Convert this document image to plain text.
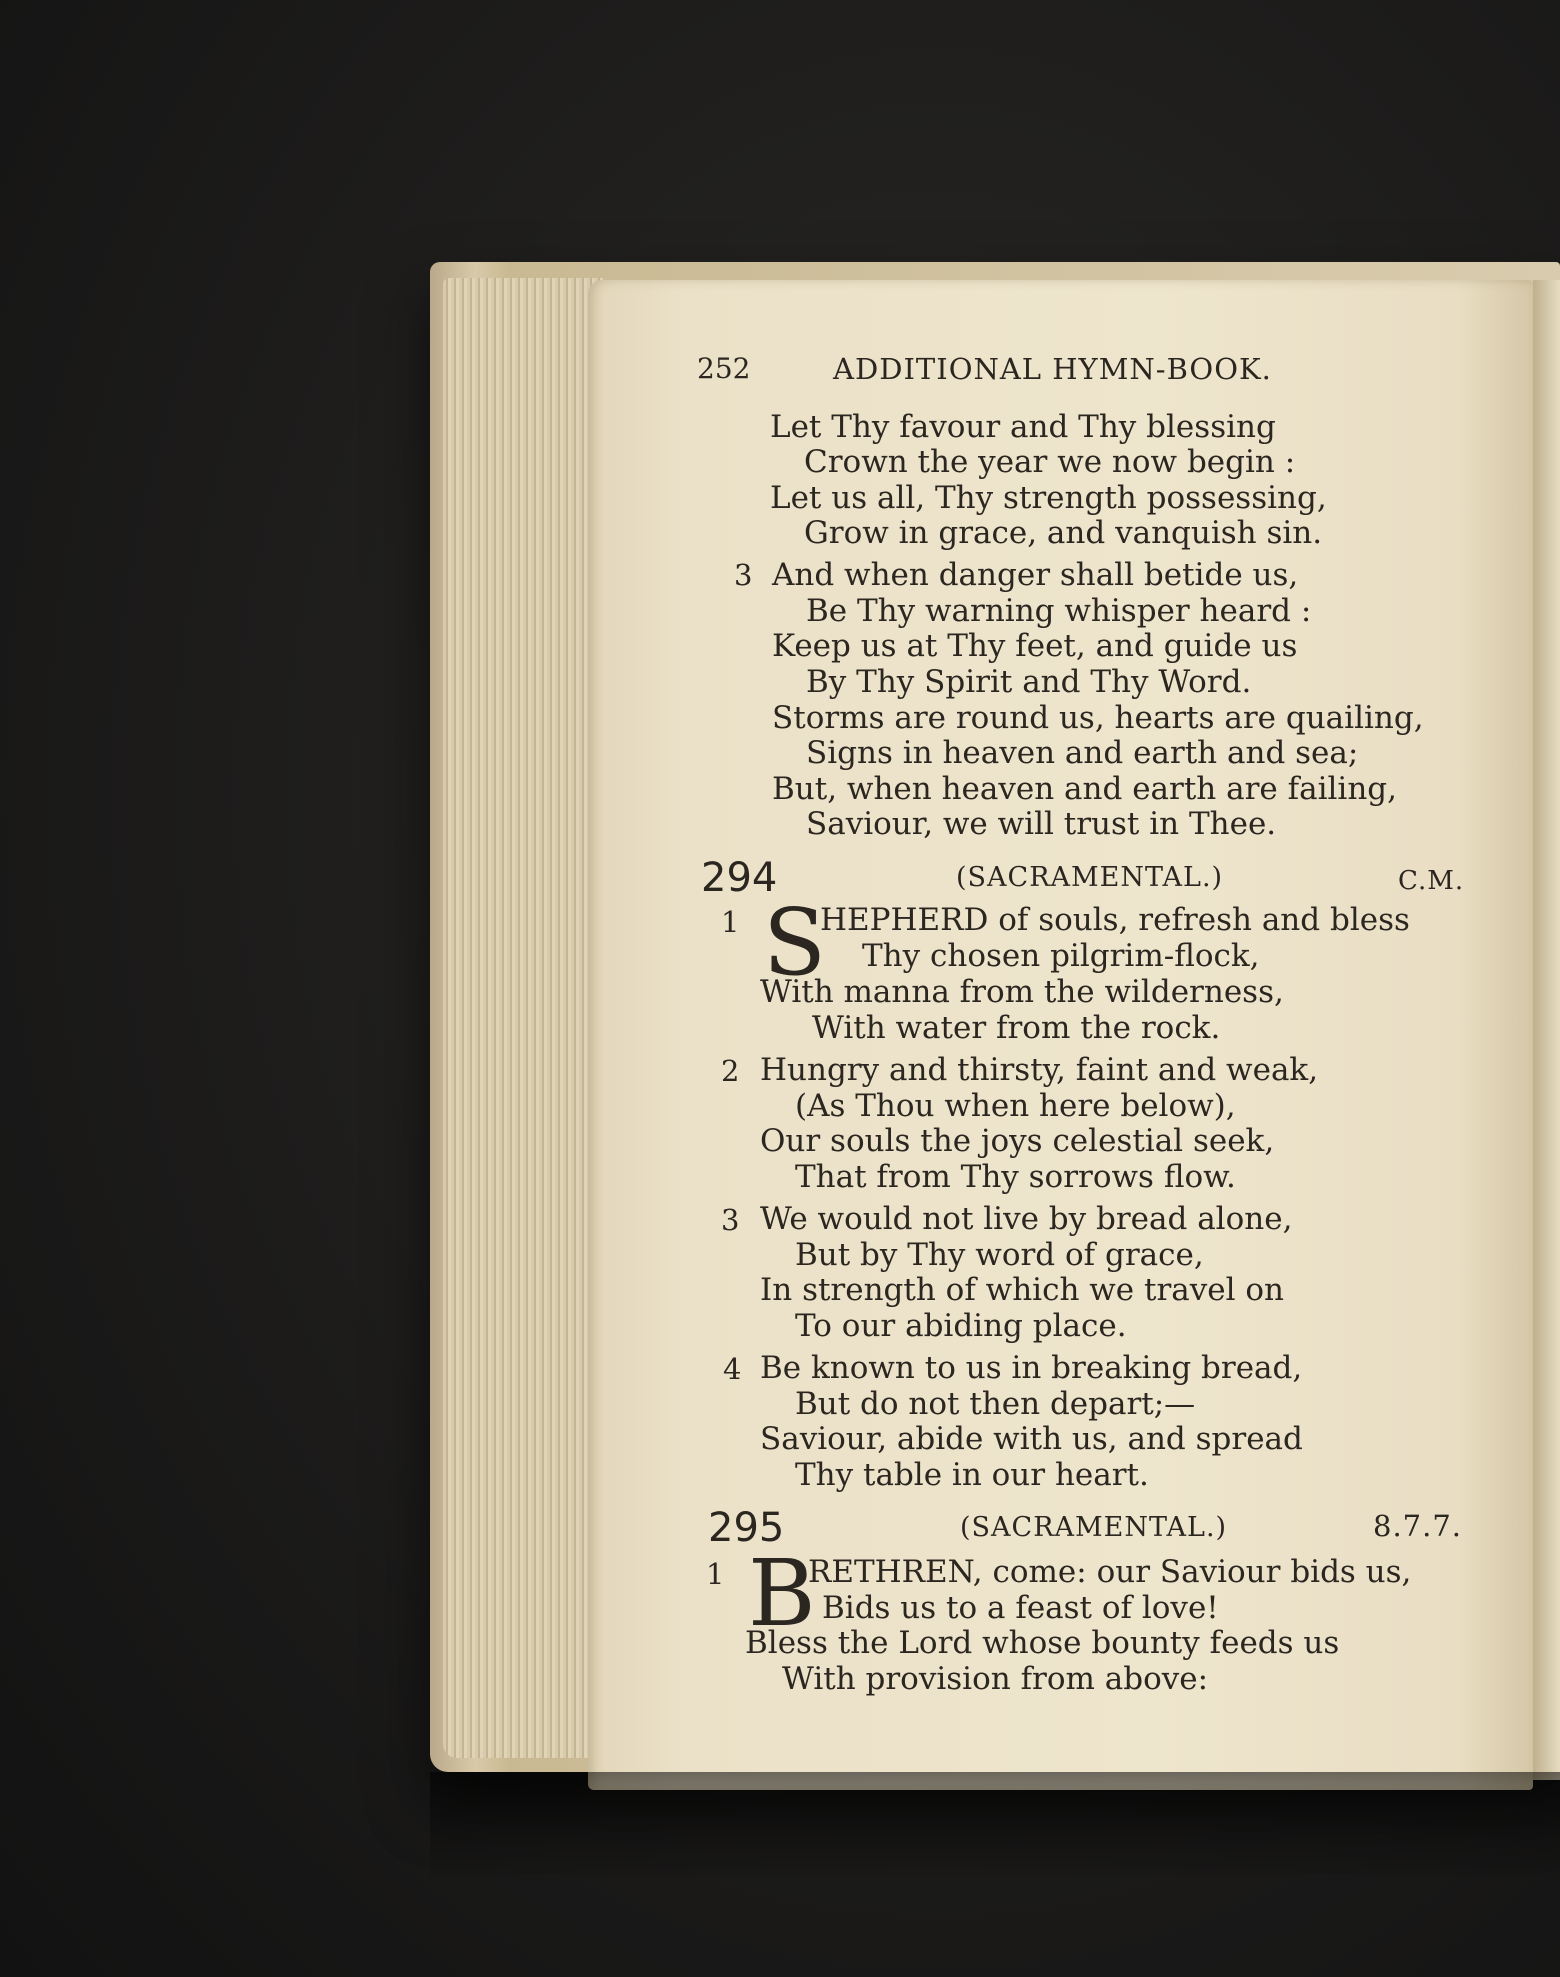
252	ADDITIONAL HYMN-BOOK.
Let Thy favour and Thy blessing
Crown the year we now begin :
Let us all, Thy strength possessing,
Grow in grace, and vanquish sin.
3 And when danger shall betide us,
Be Thy warning whisper heard :
Keep us at Thy feet, and guide us
By Thy Spirit and Thy Word.
Storms are round us, hearts are quailing,
Signs in heaven and earth and sea;
But, when heaven and earth are failing,
Saviour, we will trust in Thee.
294	(SACRAMENTAL.)	C.M.
1 S
HEPHERD of souls, refresh and bless
Thy chosen pilgrim-flock,
With manna from the wilderness,
With water from the rock.
2 Hungry and thirsty, faint and weak,
(As Thou when here below),
Our souls the joys celestial seek,
That from Thy sorrows flow.
3 We would not live by bread alone,
But by Thy word of grace,
In strength of which we travel on
To our abiding place.
4 Be known to us in breaking bread,
But do not then depart;—
Saviour, abide with us, and spread
Thy table in our heart.
295	(SACRAMENTAL.)	8.7.7.
1 B
RETHREN, come: our Saviour bids us,
Bids us to a feast of love!
Bless the Lord whose bounty feeds us
With provision from above:
